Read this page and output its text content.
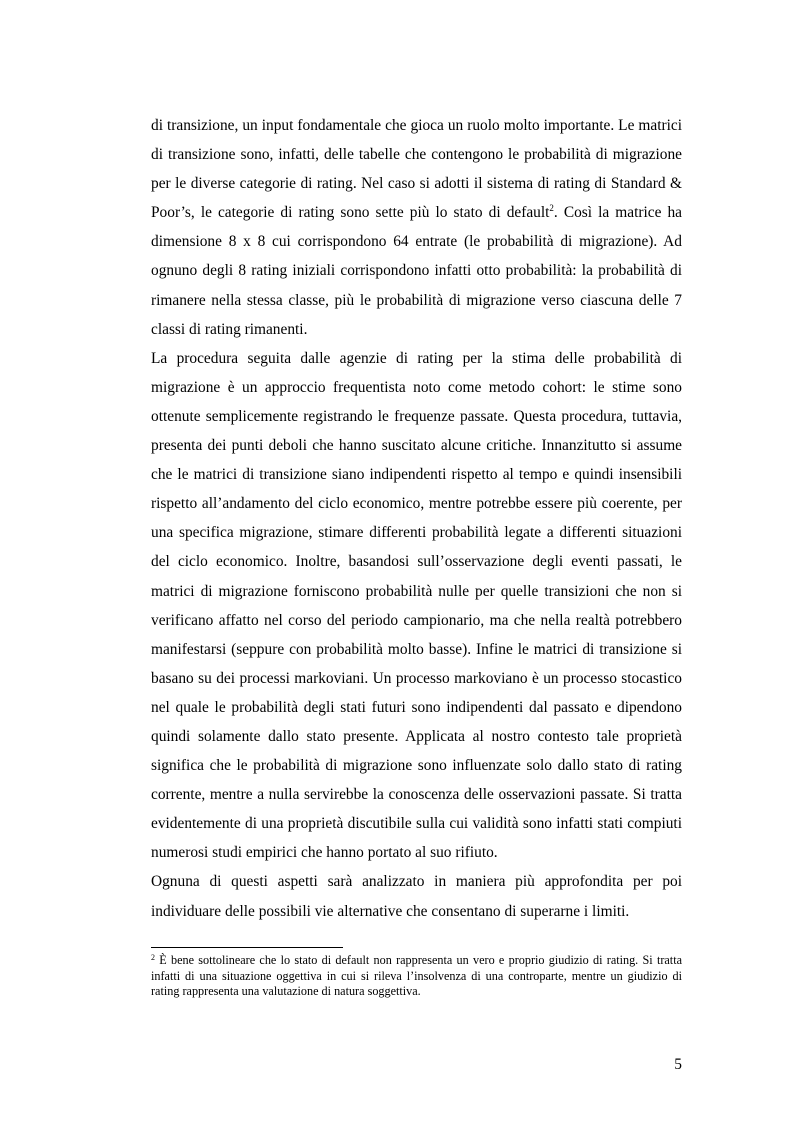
di transizione, un input fondamentale che gioca un ruolo molto importante. Le matrici di transizione sono, infatti, delle tabelle che contengono le probabilità di migrazione per le diverse categorie di rating. Nel caso si adotti il sistema di rating di Standard & Poor’s, le categorie di rating sono sette più lo stato di default$^2$. Così la matrice ha dimensione 8 x 8 cui corrispondono 64 entrate (le probabilità di migrazione). Ad ognuno degli 8 rating iniziali corrispondono infatti otto probabilità: la probabilità di rimanere nella stessa classe, più le probabilità di migrazione verso ciascuna delle 7 classi di rating rimanenti.

La procedura seguita dalle agenzie di rating per la stima delle probabilità di migrazione è un approccio frequentista noto come metodo cohort: le stime sono ottenute semplicemente registrando le frequenze passate. Questa procedura, tuttavia, presenta dei punti deboli che hanno suscitato alcune critiche. Innanzitutto si assume che le matrici di transizione siano indipendenti rispetto al tempo e quindi insensibili rispetto all’andamento del ciclo economico, mentre potrebbe essere più coerente, per una specifica migrazione, stimare differenti probabilità legate a differenti situazioni del ciclo economico. Inoltre, basandosi sull’osservazione degli eventi passati, le matrici di migrazione forniscono probabilità nulle per quelle transizioni che non si verificano affatto nel corso del periodo campionario, ma che nella realtà potrebbero manifestarsi (seppure con probabilità molto basse). Infine le matrici di transizione si basano su dei processi markoviani. Un processo markoviano è un processo stocastico nel quale le probabilità degli stati futuri sono indipendenti dal passato e dipendono quindi solamente dallo stato presente. Applicata al nostro contesto tale proprietà significa che le probabilità di migrazione sono influenzate solo dallo stato di rating corrente, mentre a nulla servirebbe la conoscenza delle osservazioni passate. Si tratta evidentemente di una proprietà discutibile sulla cui validità sono infatti stati compiuti numerosi studi empirici che hanno portato al suo rifiuto.

Ognuna di questi aspetti sarà analizzato in maniera più approfondita per poi individuare delle possibili vie alternative che consentano di superarne i limiti.

$^2$ È bene sottolineare che lo stato di default non rappresenta un vero e proprio giudizio di rating. Si tratta infatti di una situazione oggettiva in cui si rileva l’insolvenza di una controparte, mentre un giudizio di rating rappresenta una valutazione di natura soggettiva.

5
